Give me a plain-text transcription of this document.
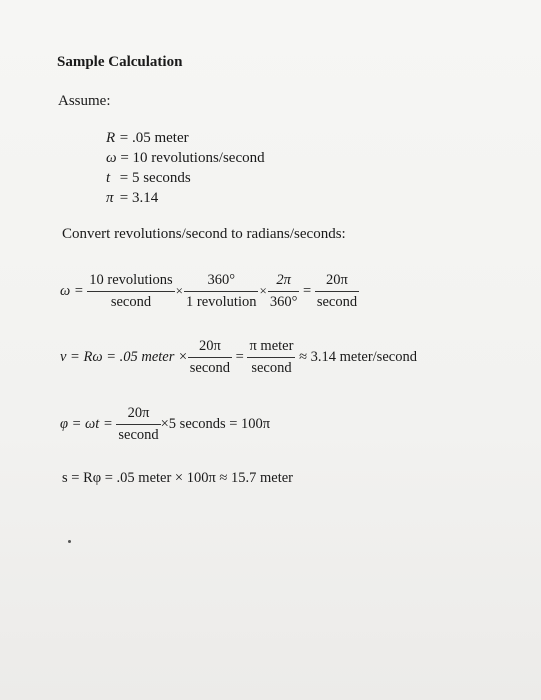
Sample Calculation
Assume:
R = .05 meter
ω = 10 revolutions/second
t = 5 seconds
π = 3.14
Convert revolutions/second to radians/seconds:
$\omega = \frac{\text{10 revolutions}}{\text{second}} \times \frac{360^\circ}{\text{1 revolution}} \times \frac{2\pi}{360^\circ} = \frac{20\pi}{\text{second}}$
v = Rω = .05 meter × $\frac{20\pi}{\text{second}} = \frac{\text{π meter}}{\text{second}} \approx 3.14$ meter/second
$\varphi = \omega t = \frac{20\pi}{\text{second}} \times 5$ seconds = 100π
s = Rφ = .05 meter × 100π ≈ 15.7 meter
